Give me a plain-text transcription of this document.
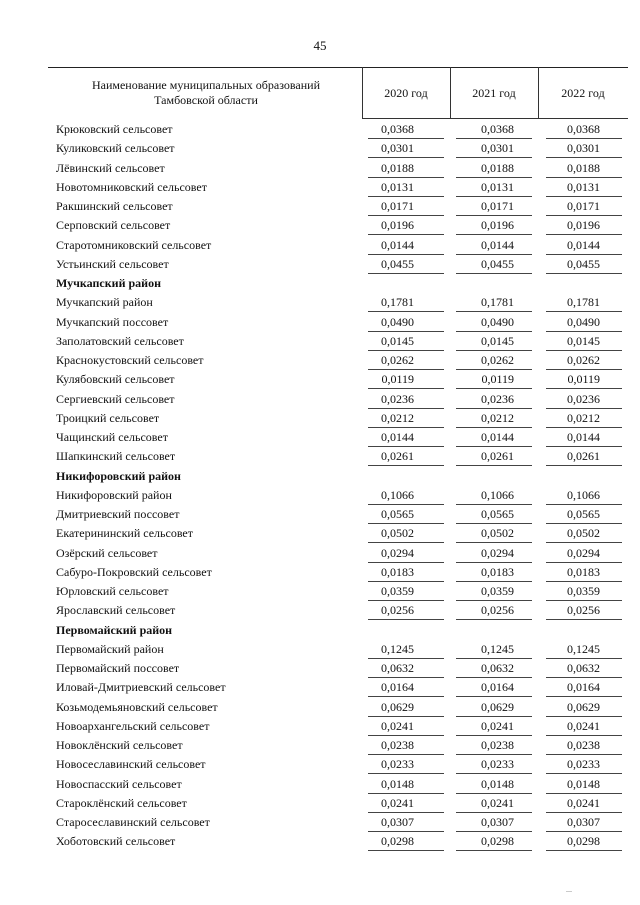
45
Наименование муниципальных образований
Тамбовской области
2020 год	2021 год	2022 год
Крюковский сельсовет	0,0368	0,0368	0,0368
Куликовский сельсовет	0,0301	0,0301	0,0301
Лёвинский сельсовет	0,0188	0,0188	0,0188
Новотомниковский сельсовет	0,0131	0,0131	0,0131
Ракшинский сельсовет	0,0171	0,0171	0,0171
Серповский сельсовет	0,0196	0,0196	0,0196
Старотомниковский сельсовет	0,0144	0,0144	0,0144
Устьинский сельсовет	0,0455	0,0455	0,0455
Мучкапский район
Мучкапский район	0,1781	0,1781	0,1781
Мучкапский поссовет	0,0490	0,0490	0,0490
Заполатовский сельсовет	0,0145	0,0145	0,0145
Краснокустовский сельсовет	0,0262	0,0262	0,0262
Кулябовский сельсовет	0,0119	0,0119	0,0119
Сергиевский сельсовет	0,0236	0,0236	0,0236
Троицкий сельсовет	0,0212	0,0212	0,0212
Чащинский сельсовет	0,0144	0,0144	0,0144
Шапкинский сельсовет	0,0261	0,0261	0,0261
Никифоровский район
Никифоровский район	0,1066	0,1066	0,1066
Дмитриевский поссовет	0,0565	0,0565	0,0565
Екатерининский сельсовет	0,0502	0,0502	0,0502
Озёрский сельсовет	0,0294	0,0294	0,0294
Сабуро-Покровский сельсовет	0,0183	0,0183	0,0183
Юрловский сельсовет	0,0359	0,0359	0,0359
Ярославский сельсовет	0,0256	0,0256	0,0256
Первомайский район
Первомайский район	0,1245	0,1245	0,1245
Первомайский поссовет	0,0632	0,0632	0,0632
Иловай-Дмитриевский сельсовет	0,0164	0,0164	0,0164
Козьмодемьяновский сельсовет	0,0629	0,0629	0,0629
Новоархангельский сельсовет	0,0241	0,0241	0,0241
Новоклёнский сельсовет	0,0238	0,0238	0,0238
Новосеславинский сельсовет	0,0233	0,0233	0,0233
Новоспасский сельсовет	0,0148	0,0148	0,0148
Староклёнский сельсовет	0,0241	0,0241	0,0241
Старосеславинский сельсовет	0,0307	0,0307	0,0307
Хоботовский сельсовет	0,0298	0,0298	0,0298
...
